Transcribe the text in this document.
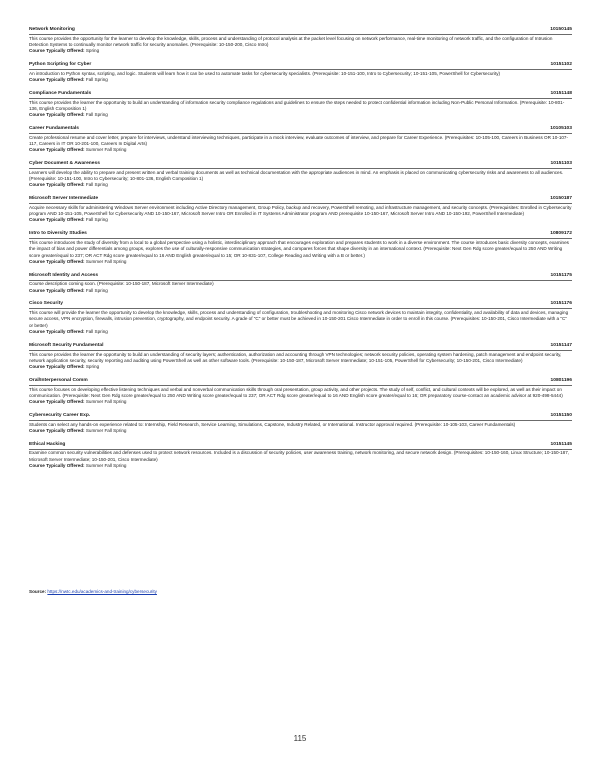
Network Monitoring	10150145
This course provides the opportunity for the learner to develop the knowledge, skills, process and understanding of protocol analysis at the packet level focusing on network performance, real-time monitoring of network traffic, and the configuration of Intrusion Detection Systems to continually monitor network traffic for security anomalies. (Prerequisite: 10-150-200, Cisco Intro)
Course Typically Offered: Spring
Python Scripting for Cyber	10151102
An introduction to Python syntax, scripting, and logic. Students will learn how it can be used to automate tasks for cybersecurity specialists. (Prerequisite: 10-151-100, Intro to Cybersecurity; 10-151-105, PowerShell for Cybersecurity)
Course Typically Offered: Fall Spring
Compliance Fundamentals	10151148
This course provides the learner the opportunity to build an understanding of information security compliance regulations and guidelines to ensure the steps needed to protect confidential information including Non-Public Personal Information. (Prerequisite: 10-801-136, English Composition 1)
Course Typically Offered: Fall Spring
Career Fundamentals	10105103
Create professional resume and cover letter, prepare for interviews, understand interviewing techniques, participate in a mock interview, evaluate outcomes of interview, and prepare for Career Experience. (Prerequisites: 10-105-100, Careers in Business OR 10-107-117, Careers in IT OR 10-201-100, Careers In Digital Arts)
Course Typically Offered: Summer Fall Spring
Cyber Document & Awareness	10151103
Learners will develop the ability to prepare and present written and verbal training documents as well as technical documentation with the appropriate audiences in mind. An emphasis is placed on communicating cybersecurity risks and awareness to all audiences. (Prerequisite: 10-151-100, Intro to Cybersecurity; 10-801-136, English Composition 1)
Course Typically Offered: Fall Spring
Microsoft Server Intermediate	10150187
Acquire necessary skills for administering Windows Server environment including Active Directory management, Group Policy, backup and recovery, PowerShell remoting, and infrastructure management, and security concepts. (Prerequisites: Enrolled in Cybersecurity program AND 10-151-105, PowerShell for Cybersecurity AND 10-150-167, Microsoft Server Intro OR Enrolled in IT Systems Administrator program AND prerequisite 10-150-167, Microsoft Server Intro AND 10-150-192, PowerShell Intermediate)
Course Typically Offered: Fall Spring
Intro to Diversity Studies	10809172
This course introduces the study of diversity from a local to a global perspective using a holistic, interdisciplinary approach that encourages exploration and prepares students to work in a diverse environment. The course introduces basic diversity concepts, examines the impact of bias and power differentials among groups, explores the use of culturally-responsive communication strategies, and compares forces that shape diversity in an international context. (Prerequisite: Next Gen Rdg score greater/equal to 250 AND Writing score greater/equal to 237; OR ACT Rdg score greater/equal to 16 AND English greater/equal to 15; OR 10-831-107, College Reading and Writing with a B or better.)
Course Typically Offered: Summer Fall Spring
Microsoft Identity and Access	10151175
Course description coming soon. (Prerequisite: 10-150-187, Microsoft Server Intermediate)
Course Typically Offered: Fall Spring
Cisco Security	10151176
This course will provide the learner the opportunity to develop the knowledge, skills, process and understanding of configuration, troubleshooting and monitoring Cisco network devices to maintain integrity, confidentiality, and availability of data and devices, managing secure access, VPN encryption, firewalls, intrusion prevention, cryptography, and endpoint security. A grade of "C" or better must be achieved in 10-150-201 Cisco Intermediate in order to enroll in this course. (Prerequisites: 10-150-201, Cisco Intermediate with a "C" or better)
Course Typically Offered: Fall Spring
Microsoft Security Fundamental	10151147
This course provides the learner the opportunity to build an understanding of security layers; authentication, authorization and accounting through VPN technologies; network security policies, operating system hardening, patch management and endpoint security, network application security, security reporting and auditing using PowerShell as well as other software tools. (Prerequisite: 10-150-187, Microsoft Server Intermediate; 10-151-105, PowerShell for Cybersecurity; 10-150-201, Cisco Intermediate)
Course Typically Offered: Spring
Oral/Interpersonal Comm	10801196
This course focuses on developing effective listening techniques and verbal and nonverbal communication skills through oral presentation, group activity, and other projects. The study of self, conflict, and cultural contexts will be explored, as well as their impact on communication. (Prerequisite: Next Gen Rdg score greater/equal to 250 AND Writing score greater/equal to 237; OR ACT Rdg score greater/equal to 16 AND English score greater/equal to 16; OR preparatory course-contact an academic advisor at 920-498-5444)
Course Typically Offered: Summer Fall Spring
Cybersecurity Career Exp.	10151150
Students can select any hands-on experience related to: Internship, Field Research, Service Learning, Simulations, Capstone, Industry Related, or International. Instructor approval required. (Prerequisite: 10-105-103, Career Fundamentals)
Course Typically Offered: Summer Fall Spring
Ethical Hacking	10151145
Examine common security vulnerabilities and defenses used to protect network resources. Included is a discussion of security policies, user awareness training, network monitoring, and secure network design. (Prerequisites: 10-150-160, Linux Structure; 10-150-187, Microsoft Server Intermediate; 10-150-201, Cisco Intermediate)
Course Typically Offered: Summer Fall Spring
Source: https://nwtc.edu/academics-and-training/cybersecurity
115
